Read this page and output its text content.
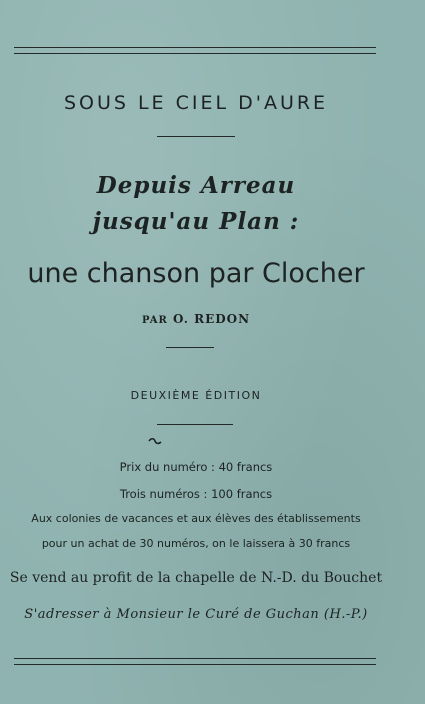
SOUS LE CIEL D'AURE
Depuis Arreau
jusqu'au Plan :
une chanson par Clocher
PAR O. REDON
DEUXIÈME ÉDITION
Prix du numéro : 40 francs
Trois numéros : 100 francs
Aux colonies de vacances et aux élèves des établissements
pour un achat de 30 numéros, on le laissera à 30 francs
Se vend au profit de la chapelle de N.-D. du Bouchet
S'adresser à Monsieur le Curé de Guchan (H.-P.)
